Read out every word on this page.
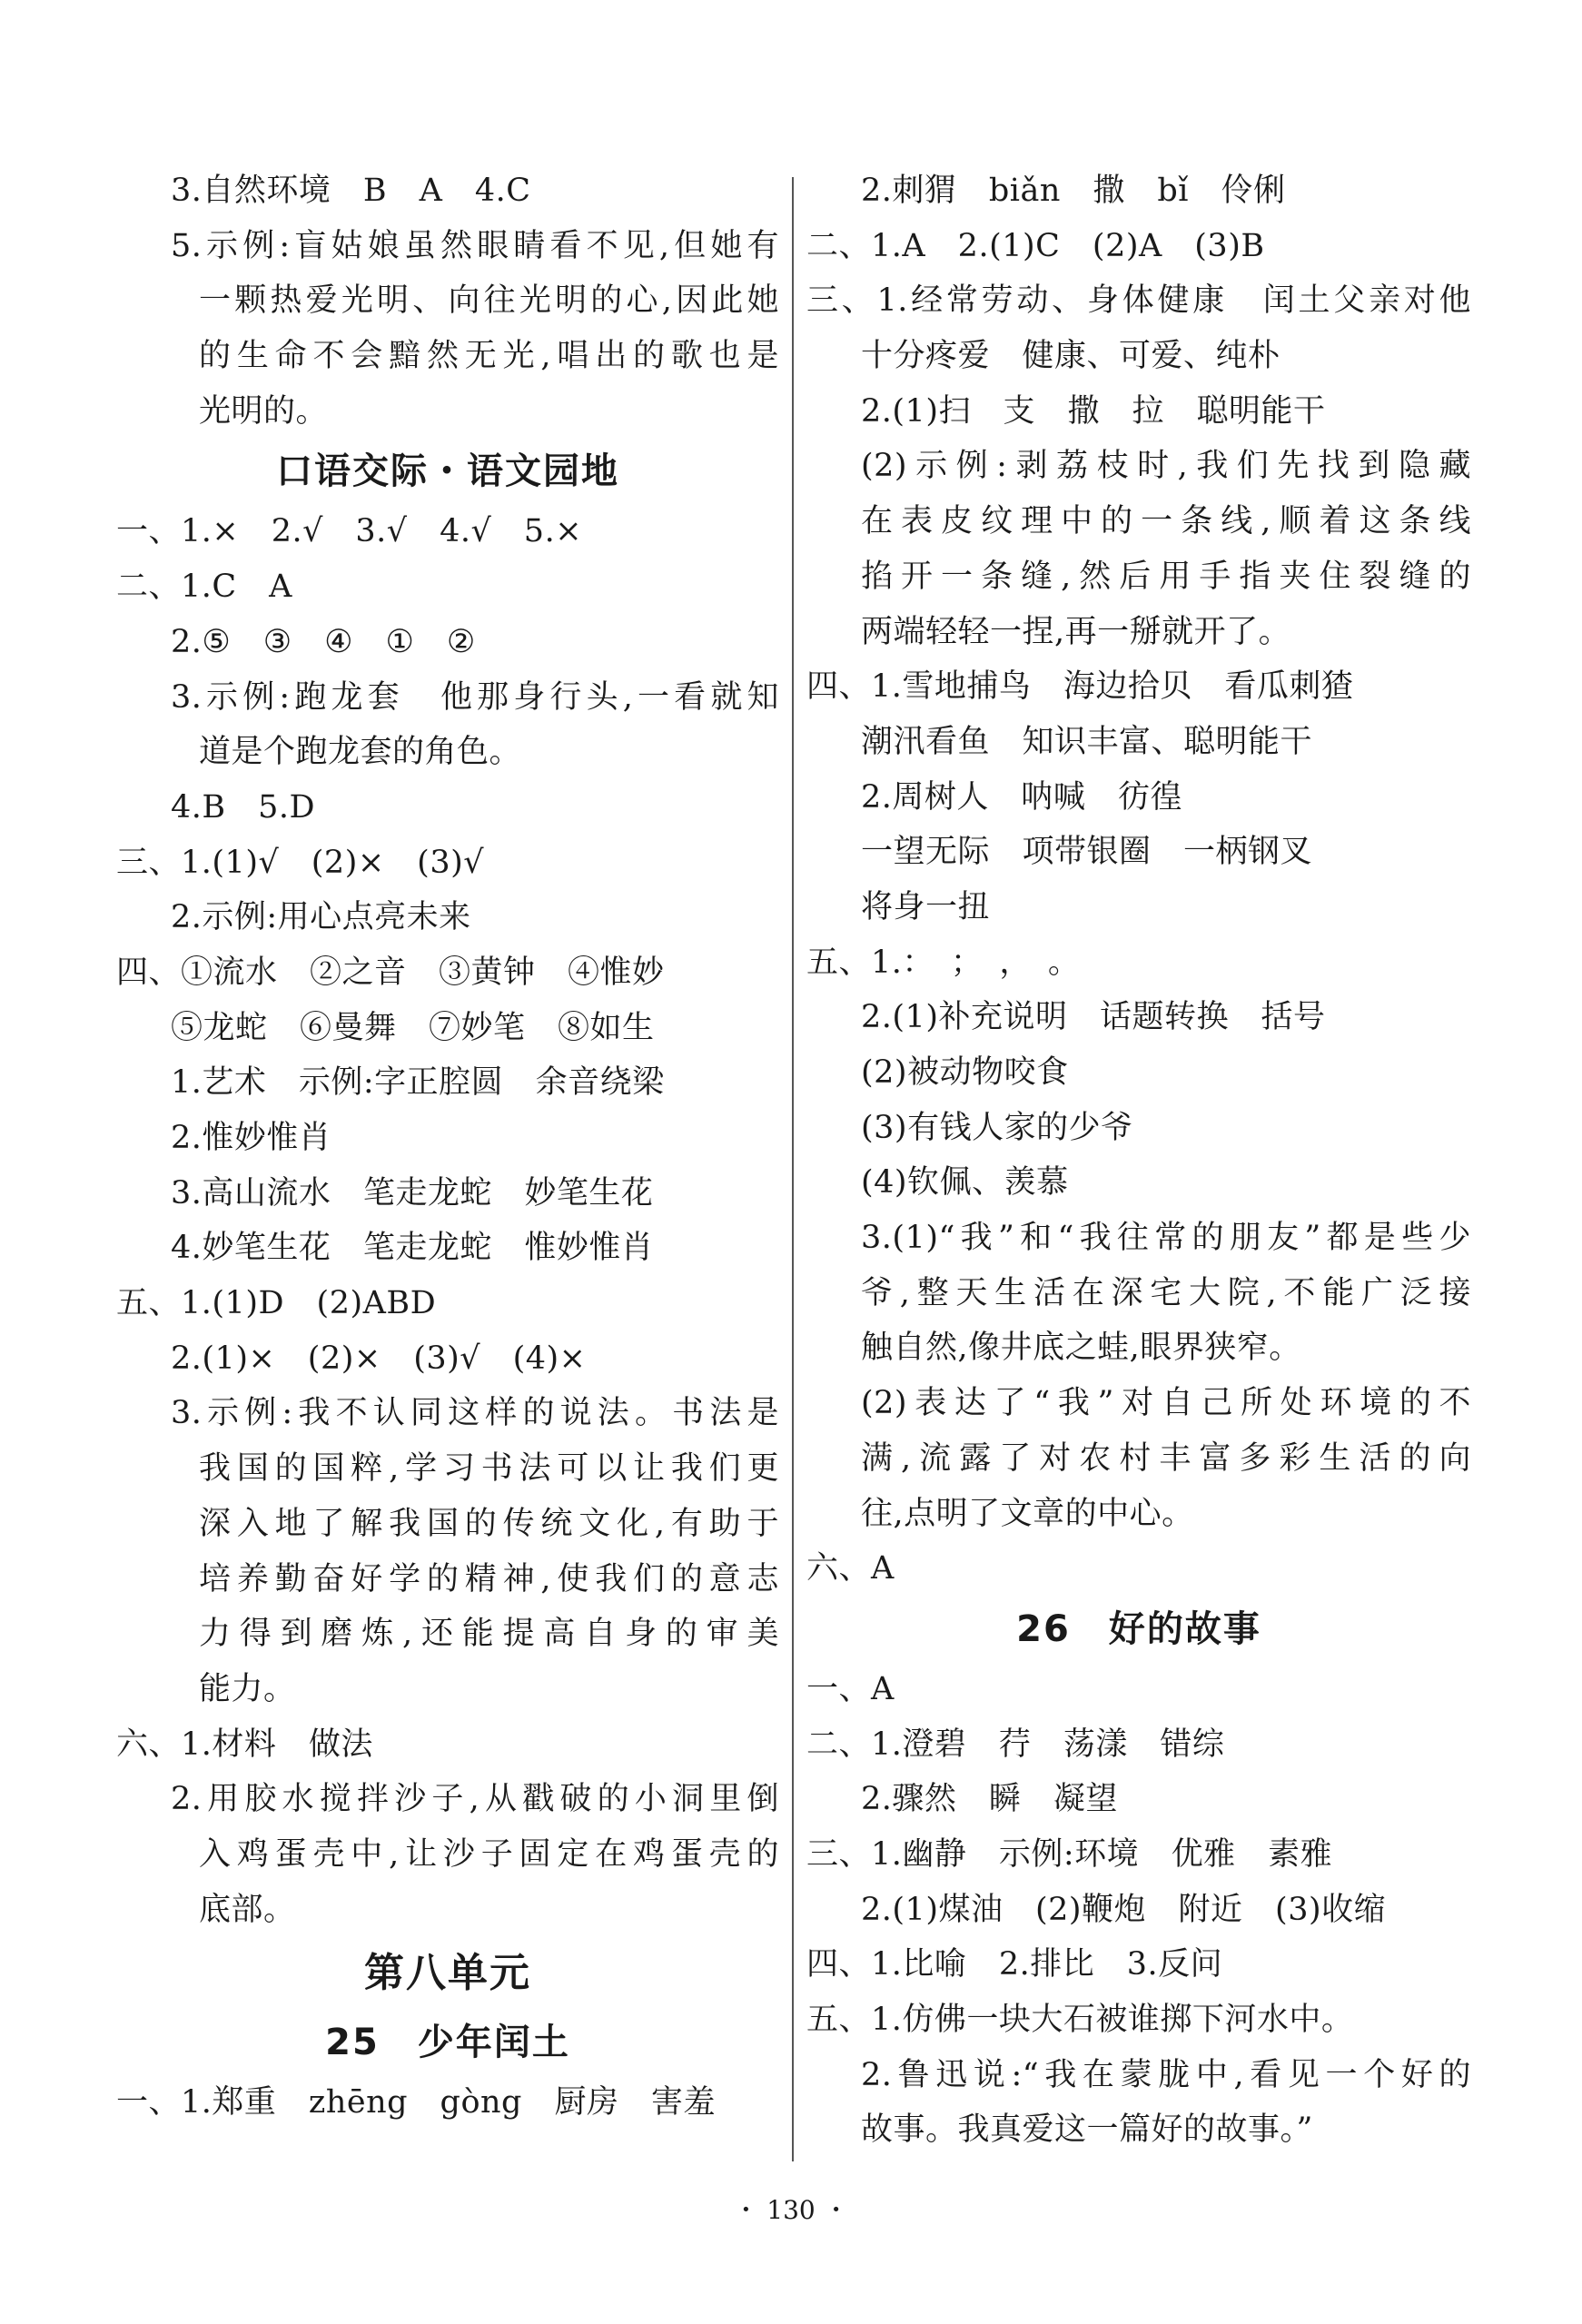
3.自然环境　B　A　4.C
5.示例:盲姑娘虽然眼睛看不见,但她有
一颗热爱光明、向往光明的心,因此她
的生命不会黯然无光,唱出的歌也是
光明的。
口语交际・语文园地
一、1.×　2.√　3.√　4.√　5.×
二、1.C　A
2.⑤　③　④　①　②
3.示例:跑龙套　他那身行头,一看就知
道是个跑龙套的角色。
4.B　5.D
三、1.(1)√　(2)×　(3)√
2.示例:用心点亮未来
四、①流水　②之音　③黄钟　④惟妙
⑤龙蛇　⑥曼舞　⑦妙笔　⑧如生
1.艺术　示例:字正腔圆　余音绕梁
2.惟妙惟肖
3.高山流水　笔走龙蛇　妙笔生花
4.妙笔生花　笔走龙蛇　惟妙惟肖
五、1.(1)D　(2)ABD
2.(1)×　(2)×　(3)√　(4)×
3.示例:我不认同这样的说法。书法是
我国的国粹,学习书法可以让我们更
深入地了解我国的传统文化,有助于
培养勤奋好学的精神,使我们的意志
力得到磨炼,还能提高自身的审美
能力。
六、1.材料　做法
2.用胶水搅拌沙子,从戳破的小洞里倒
入鸡蛋壳中,让沙子固定在鸡蛋壳的
底部。
第八单元
25　少年闰土
一、1.郑重　zhēng　gòng　厨房　害羞
2.刺猬　biǎn　撒　bǐ　伶俐
二、1.A　2.(1)C　(2)A　(3)B
三、1.经常劳动、身体健康　闰土父亲对他
十分疼爱　健康、可爱、纯朴
2.(1)扫　支　撒　拉　聪明能干
(2)示例:剥荔枝时,我们先找到隐藏
在表皮纹理中的一条线,顺着这条线
掐开一条缝,然后用手指夹住裂缝的
两端轻轻一捏,再一掰就开了。
四、1.雪地捕鸟　海边拾贝　看瓜刺猹
潮汛看鱼　知识丰富、聪明能干
2.周树人　呐喊　彷徨
一望无际　项带银圈　一柄钢叉
将身一扭
五、1.：　；　，　。
2.(1)补充说明　话题转换　括号
(2)被动物咬食
(3)有钱人家的少爷
(4)钦佩、羡慕
3.(1)“我”和“我往常的朋友”都是些少
爷,整天生活在深宅大院,不能广泛接
触自然,像井底之蛙,眼界狭窄。
(2)表达了“我”对自己所处环境的不
满,流露了对农村丰富多彩生活的向
往,点明了文章的中心。
六、A
26　好的故事
一、A
二、1.澄碧　荇　荡漾　错综
2.骤然　瞬　凝望
三、1.幽静　示例:环境　优雅　素雅
2.(1)煤油　(2)鞭炮　附近　(3)收缩
四、1.比喻　2.排比　3.反问
五、1.仿佛一块大石被谁掷下河水中。
2.鲁迅说:“我在蒙胧中,看见一个好的
故事。我真爱这一篇好的故事。”
・ 130 ・
